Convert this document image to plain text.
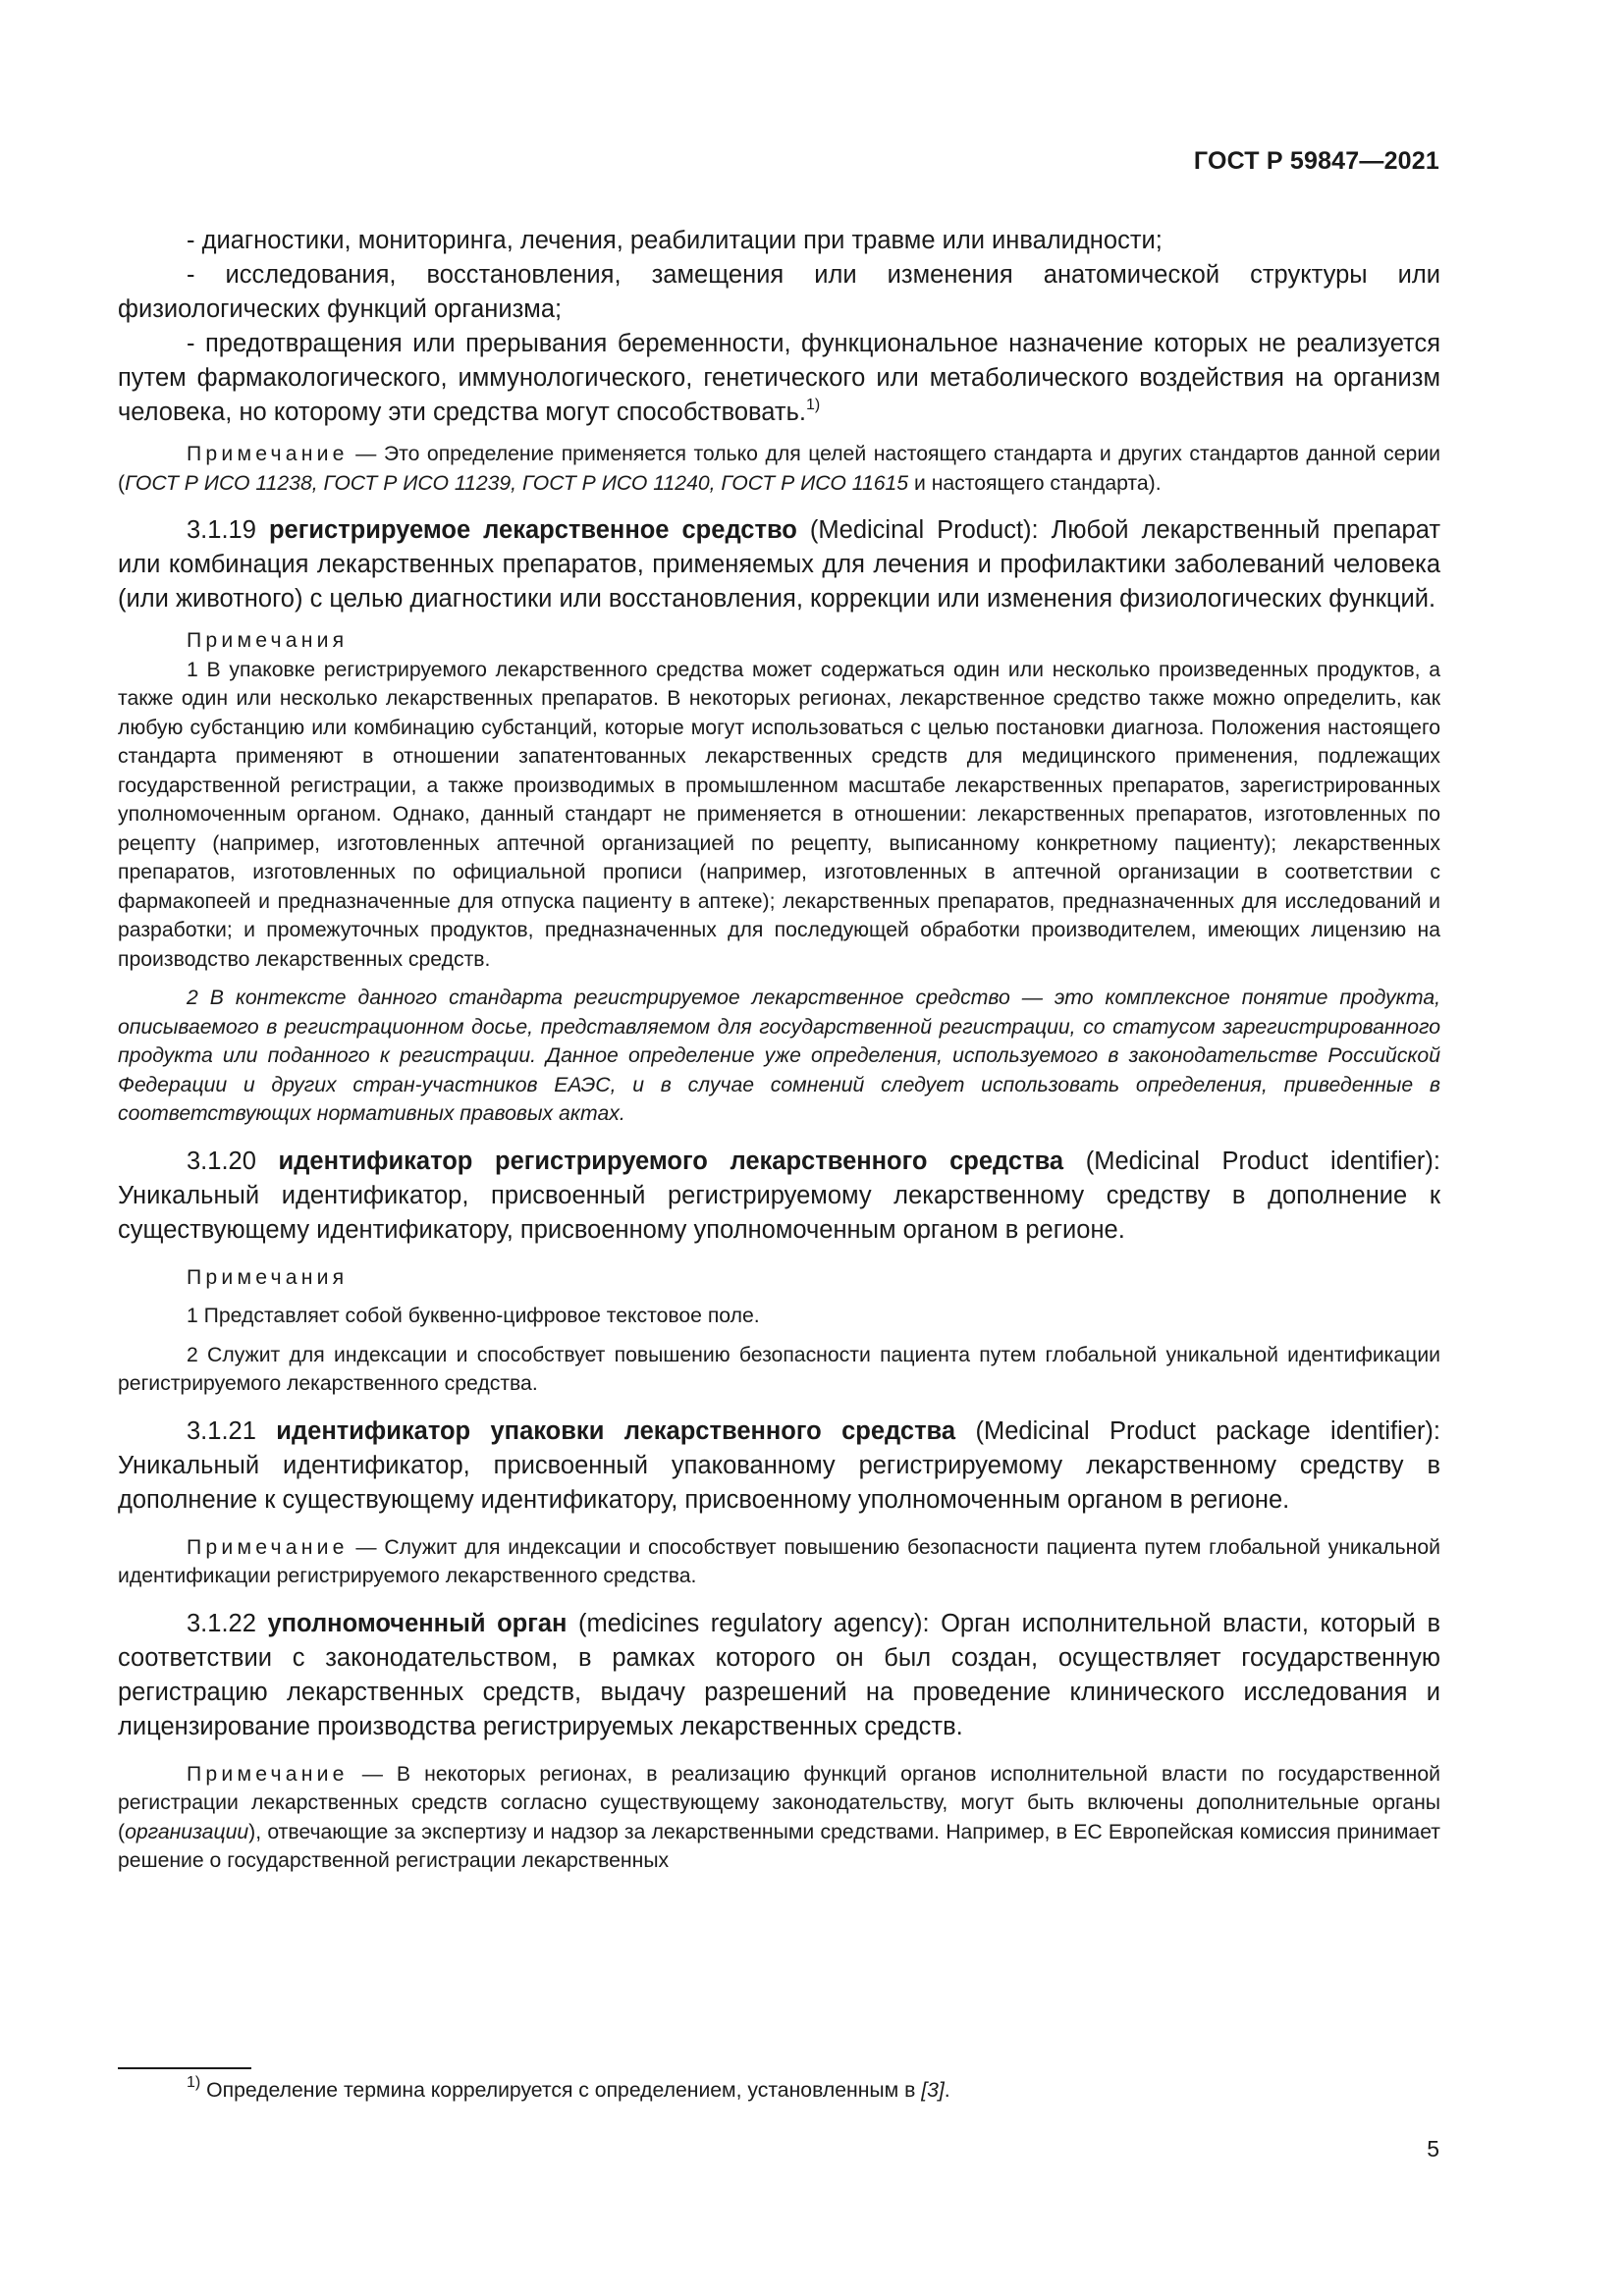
ГОСТ Р 59847—2021

- диагностики, мониторинга, лечения, реабилитации при травме или инвалидности;

- исследования, восстановления, замещения или изменения анатомической структуры или физиологических функций организма;

- предотвращения или прерывания беременности, функциональное назначение которых не реализуется путем фармакологического, иммунологического, генетического или метаболического воздействия на организм человека, но которому эти средства могут способствовать.$^{1)}$

Примечание — Это определение применяется только для целей настоящего стандарта и других стандартов данной серии (ГОСТ Р ИСО 11238, ГОСТ Р ИСО 11239, ГОСТ Р ИСО 11240, ГОСТ Р ИСО 11615 и настоящего стандарта).

3.1.19 регистрируемое лекарственное средство (Medicinal Product): Любой лекарственный препарат или комбинация лекарственных препаратов, применяемых для лечения и профилактики заболеваний человека (или животного) с целью диагностики или восстановления, коррекции или изменения физиологических функций.

Примечания

1 В упаковке регистрируемого лекарственного средства может содержаться один или несколько произведенных продуктов, а также один или несколько лекарственных препаратов. В некоторых регионах, лекарственное средство также можно определить, как любую субстанцию или комбинацию субстанций, которые могут использоваться с целью постановки диагноза. Положения настоящего стандарта применяют в отношении запатентованных лекарственных средств для медицинского применения, подлежащих государственной регистрации, а также производимых в промышленном масштабе лекарственных препаратов, зарегистрированных уполномоченным органом. Однако, данный стандарт не применяется в отношении: лекарственных препаратов, изготовленных по рецепту (например, изготовленных аптечной организацией по рецепту, выписанному конкретному пациенту); лекарственных препаратов, изготовленных по официальной прописи (например, изготовленных в аптечной организации в соответствии с фармакопеей и предназначенные для отпуска пациенту в аптеке); лекарственных препаратов, предназначенных для исследований и разработки; и промежуточных продуктов, предназначенных для последующей обработки производителем, имеющих лицензию на производство лекарственных средств.

2 В контексте данного стандарта регистрируемое лекарственное средство — это комплексное понятие продукта, описываемого в регистрационном досье, представляемом для государственной регистрации, со статусом зарегистрированного продукта или поданного к регистрации. Данное определение уже определения, используемого в законодательстве Российской Федерации и других стран-участников ЕАЭС, и в случае сомнений следует использовать определения, приведенные в соответствующих нормативных правовых актах.

3.1.20 идентификатор регистрируемого лекарственного средства (Medicinal Product identifier): Уникальный идентификатор, присвоенный регистрируемому лекарственному средству в дополнение к существующему идентификатору, присвоенному уполномоченным органом в регионе.

Примечания

1 Представляет собой буквенно-цифровое текстовое поле.

2 Служит для индексации и способствует повышению безопасности пациента путем глобальной уникальной идентификации регистрируемого лекарственного средства.

3.1.21 идентификатор упаковки лекарственного средства (Medicinal Product package identifier): Уникальный идентификатор, присвоенный упакованному регистрируемому лекарственному средству в дополнение к существующему идентификатору, присвоенному уполномоченным органом в регионе.

Примечание — Служит для индексации и способствует повышению безопасности пациента путем глобальной уникальной идентификации регистрируемого лекарственного средства.

3.1.22 уполномоченный орган (medicines regulatory agency): Орган исполнительной власти, который в соответствии с законодательством, в рамках которого он был создан, осуществляет государственную регистрацию лекарственных средств, выдачу разрешений на проведение клинического исследования и лицензирование производства регистрируемых лекарственных средств.

Примечание — В некоторых регионах, в реализацию функций органов исполнительной власти по государственной регистрации лекарственных средств согласно существующему законодательству, могут быть включены дополнительные органы (организации), отвечающие за экспертизу и надзор за лекарственными средствами. Например, в ЕС Европейская комиссия принимает решение о государственной регистрации лекарственных

$^{1)}$ Определение термина коррелируется с определением, установленным в [3].
5
